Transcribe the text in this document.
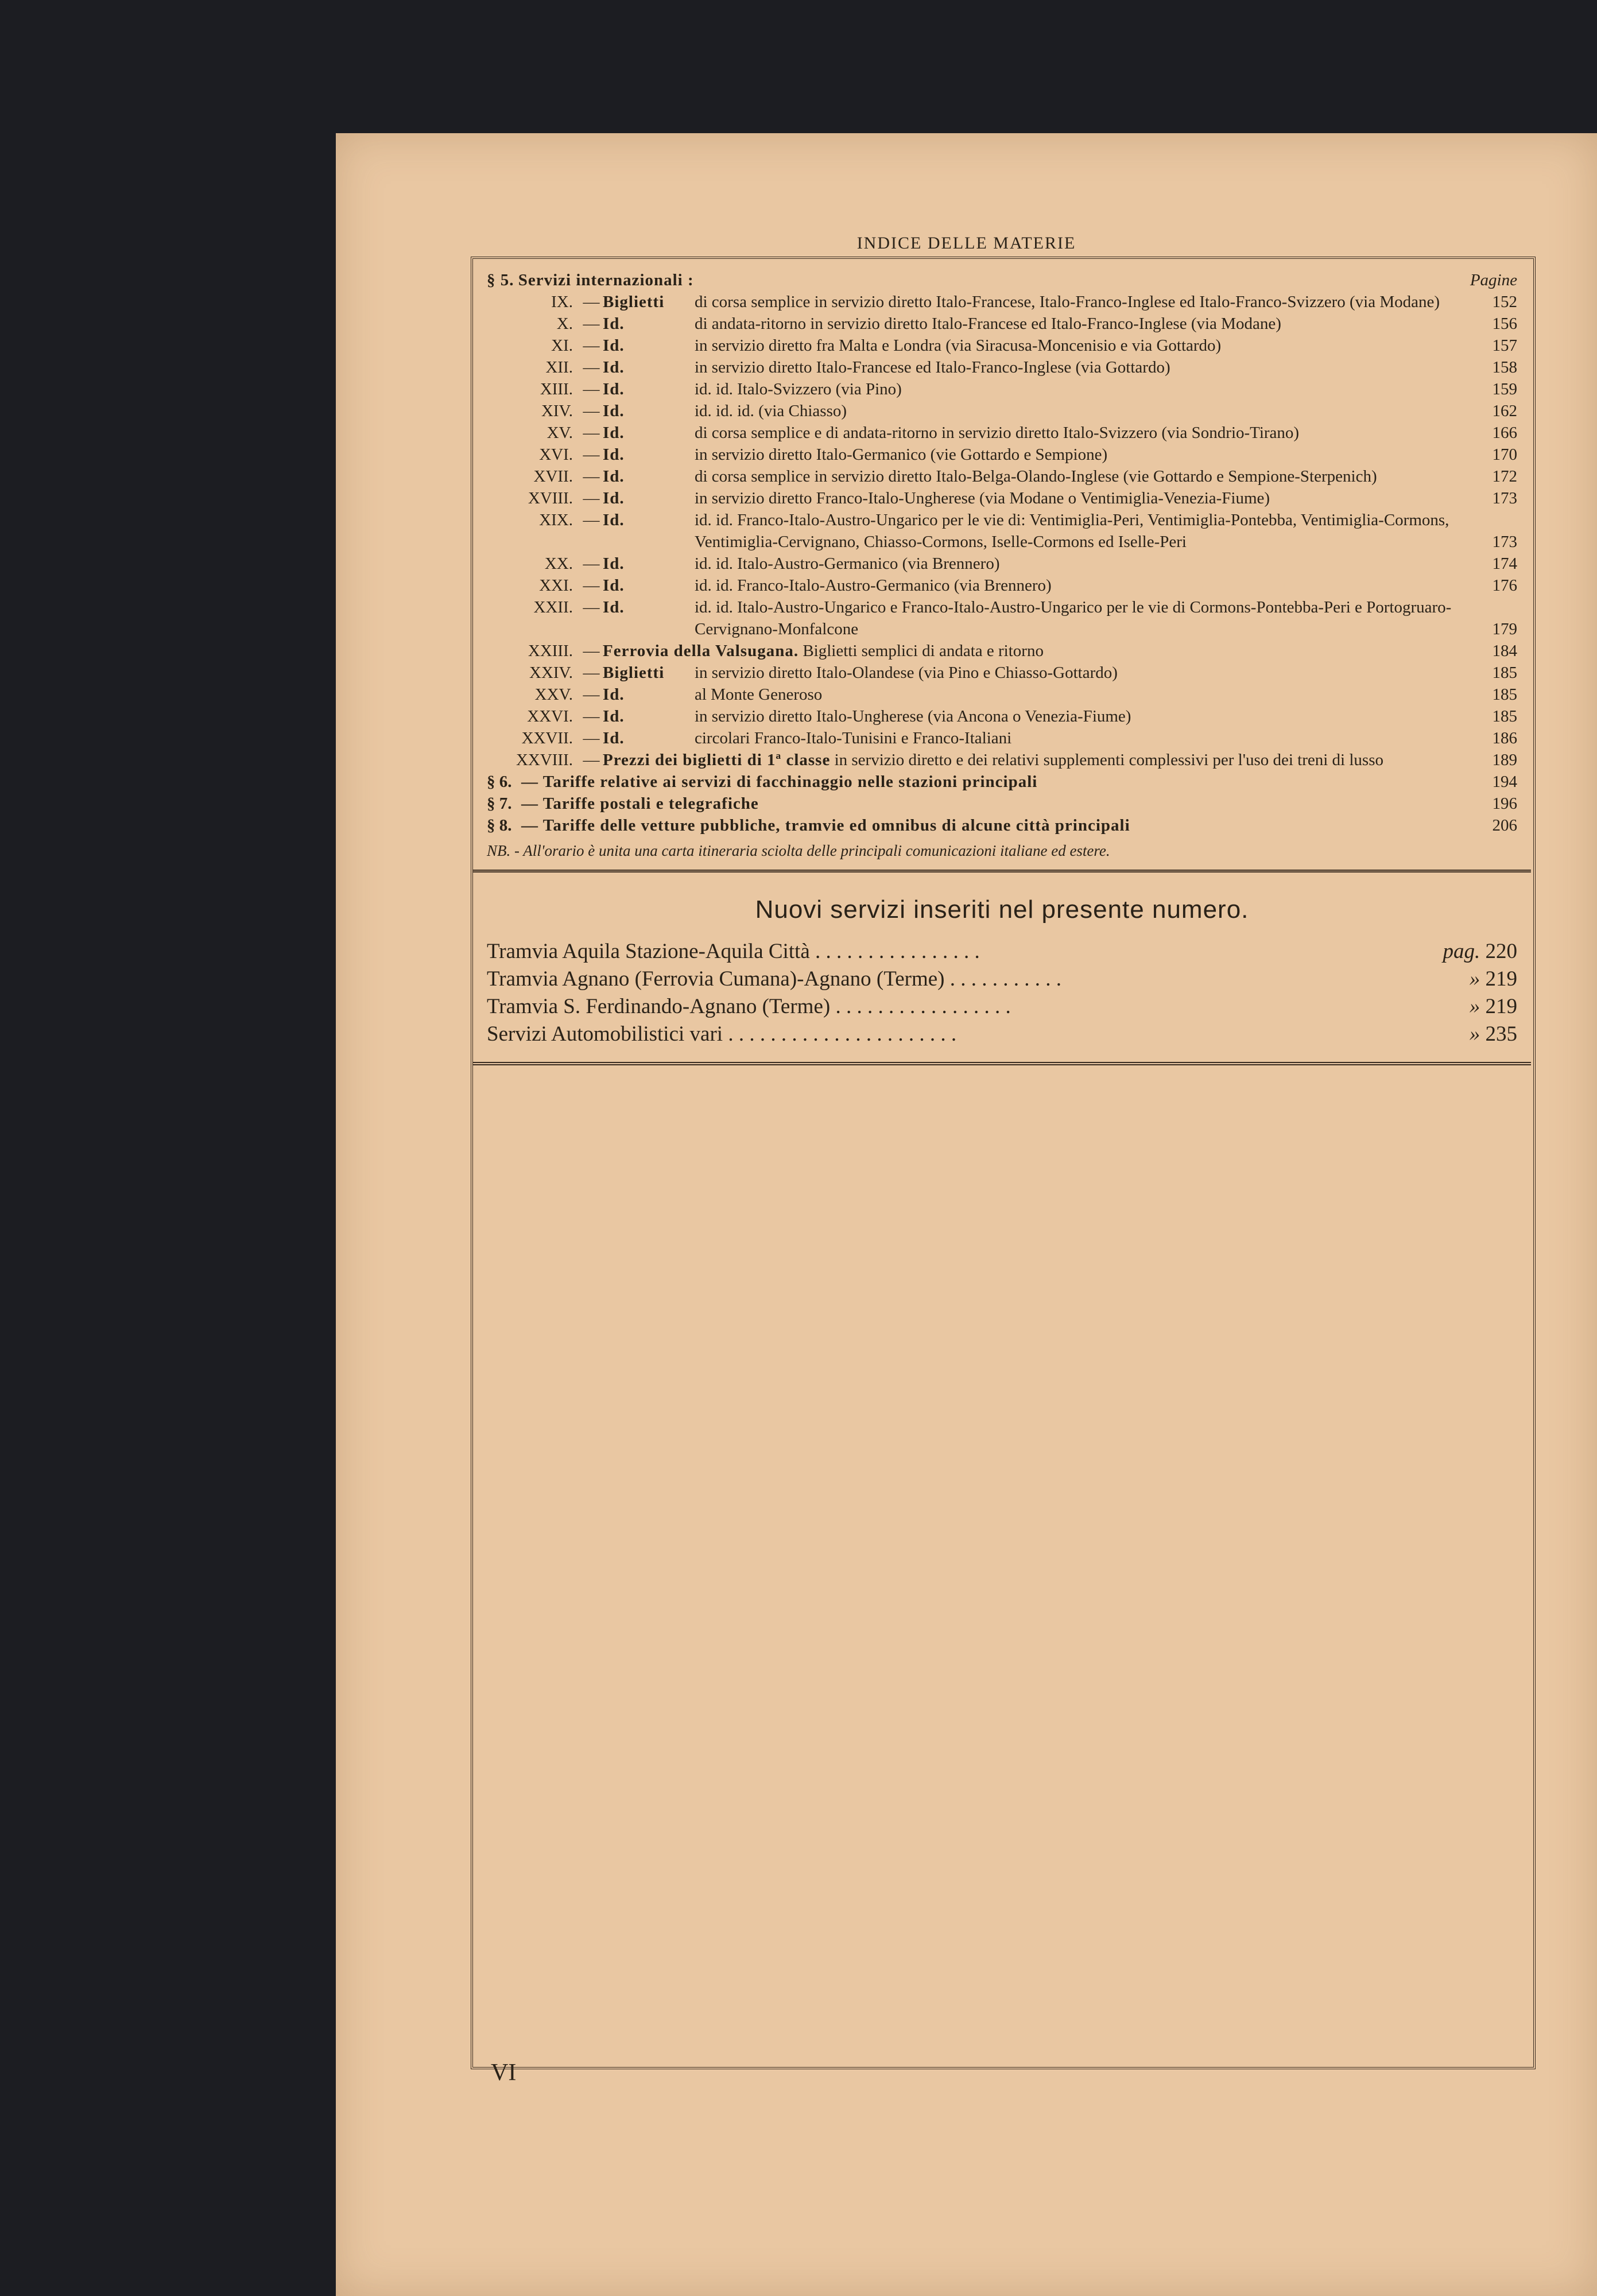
INDICE DELLE MATERIE
§ 5. Servizi internazionali :	Pagine
IX. — Biglietti	di corsa semplice in servizio diretto Italo-Francese, Italo-Franco-Inglese ed Italo-Franco-Svizzero (via Modane)	152
X. — Id.	di andata-ritorno in servizio diretto Italo-Francese ed Italo-Franco-Inglese (via Modane)	156
XI. — Id.	in servizio diretto fra Malta e Londra (via Siracusa-Moncenisio e via Gottardo)	157
XII. — Id.	in servizio diretto Italo-Francese ed Italo-Franco-Inglese (via Gottardo)	158
XIII. — Id.	id. id. Italo-Svizzero (via Pino)	159
XIV. — Id.	id. id. id. (via Chiasso)	162
XV. — Id.	di corsa semplice e di andata-ritorno in servizio diretto Italo-Svizzero (via Sondrio-Tirano)	166
XVI. — Id.	in servizio diretto Italo-Germanico (vie Gottardo e Sempione)	170
XVII. — Id.	di corsa semplice in servizio diretto Italo-Belga-Olando-Inglese (vie Gottardo e Sempione-Sterpenich)	172
XVIII. — Id.	in servizio diretto Franco-Italo-Ungherese (via Modane o Ventimiglia-Venezia-Fiume)	173
XIX. — Id.	id. id. Franco-Italo-Austro-Ungarico per le vie di: Ventimiglia-Peri, Ventimiglia-Pontebba, Ventimiglia-Cormons, Ventimiglia-Cervignano, Chiasso-Cormons, Iselle-Cormons ed Iselle-Peri	173
XX. — Id.	id. id. Italo-Austro-Germanico (via Brennero)	174
XXI. — Id.	id. id. Franco-Italo-Austro-Germanico (via Brennero)	176
XXII. — Id.	id. id. Italo-Austro-Ungarico e Franco-Italo-Austro-Ungarico per le vie di Cormons-Pontebba-Peri e Portogruaro-Cervignano-Monfalcone	179
XXIII. — Ferrovia della Valsugana. Biglietti semplici di andata e ritorno	184
XXIV. — Biglietti	in servizio diretto Italo-Olandese (via Pino e Chiasso-Gottardo)	185
XXV. — Id.	al Monte Generoso	185
XXVI. — Id.	in servizio diretto Italo-Ungherese (via Ancona o Venezia-Fiume)	185
XXVII. — Id.	circolari Franco-Italo-Tunisini e Franco-Italiani	186
XXVIII. — Prezzi dei biglietti di 1ª classe in servizio diretto e dei relativi supplementi complessivi per l'uso dei treni di lusso	189
§ 6. — Tariffe relative ai servizi di facchinaggio nelle stazioni principali	194
§ 7. — Tariffe postali e telegrafiche	196
§ 8. — Tariffe delle vetture pubbliche, tramvie ed omnibus di alcune città principali	206
NB. - All'orario è unita una carta itineraria sciolta delle principali comunicazioni italiane ed estere.
Nuovi servizi inseriti nel presente numero.
Tramvia Aquila Stazione-Aquila Città . . . . . . . . . . . . . . . .	pag. 220
Tramvia Agnano (Ferrovia Cumana)-Agnano (Terme) . . . . . . . . . . .	» 219
Tramvia S. Ferdinando-Agnano (Terme) . . . . . . . . . . . . . . . . .	» 219
Servizi Automobilistici vari . . . . . . . . . . . . . . . . . . . . . .	» 235
VI
